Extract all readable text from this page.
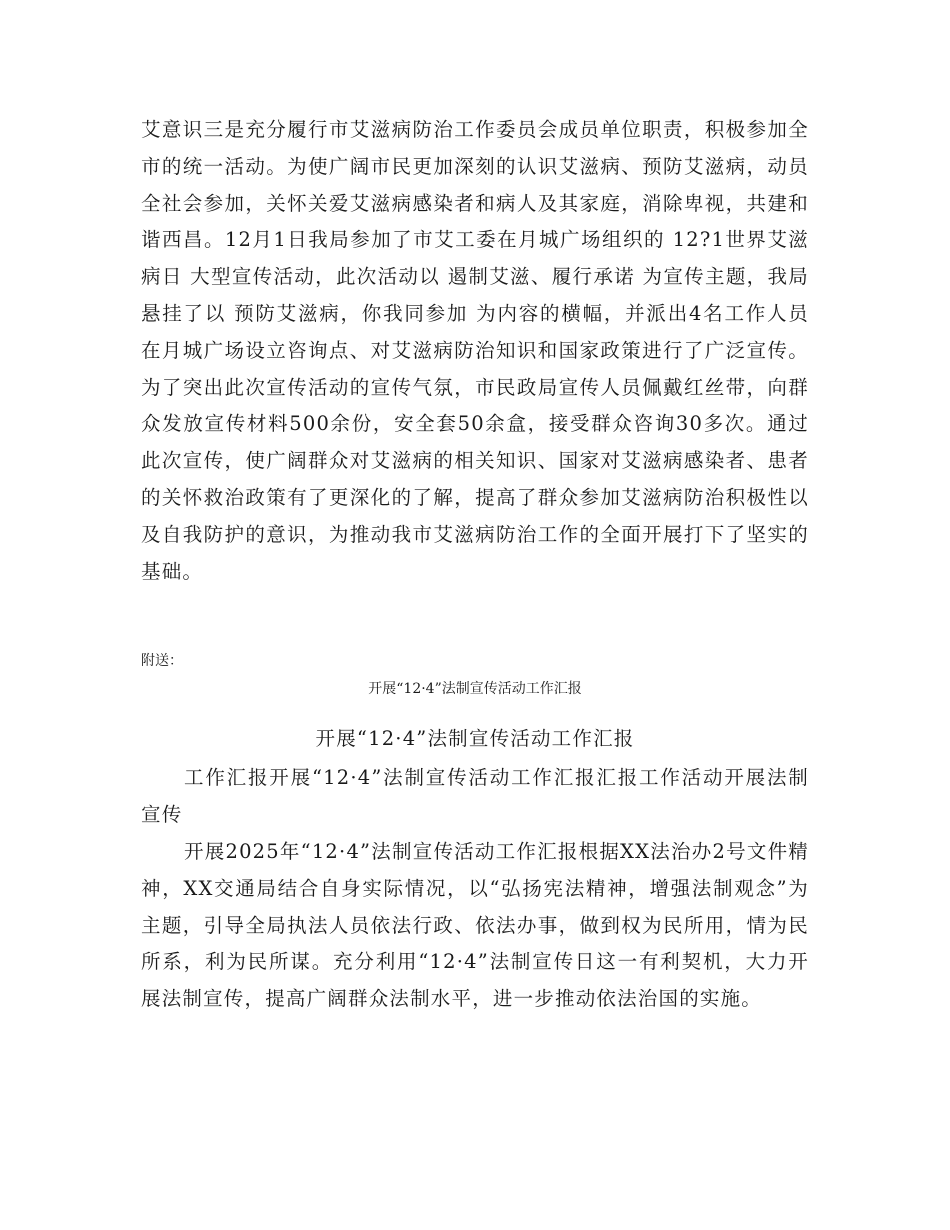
艾意识三是充分履行市艾滋病防治工作委员会成员单位职责，积极参加全市的统一活动。为使广阔市民更加深刻的认识艾滋病、预防艾滋病，动员全社会参加，关怀关爱艾滋病感染者和病人及其家庭，消除卑视，共建和谐西昌。12月1日我局参加了市艾工委在月城广场组织的 12?1世界艾滋病日 大型宣传活动，此次活动以 遏制艾滋、履行承诺 为宣传主题，我局悬挂了以 预防艾滋病，你我同参加 为内容的横幅，并派出4名工作人员在月城广场设立咨询点、对艾滋病防治知识和国家政策进行了广泛宣传。为了突出此次宣传活动的宣传气氛，市民政局宣传人员佩戴红丝带，向群众发放宣传材料500余份，安全套50余盒，接受群众咨询30多次。通过此次宣传，使广阔群众对艾滋病的相关知识、国家对艾滋病感染者、患者的关怀救治政策有了更深化的了解，提高了群众参加艾滋病防治积极性以及自我防护的意识，为推动我市艾滋病防治工作的全面开展打下了坚实的基础。

附送：

开展“12·4”法制宣传活动工作汇报

开展“12·4”法制宣传活动工作汇报

工作汇报开展“12·4”法制宣传活动工作汇报汇报工作活动开展法制宣传

开展2025年“12·4”法制宣传活动工作汇报根据XX法治办2号文件精神，XX交通局结合自身实际情况，以“弘扬宪法精神，增强法制观念”为主题，引导全局执法人员依法行政、依法办事，做到权为民所用，情为民所系，利为民所谋。充分利用“12·4”法制宣传日这一有利契机，大力开展法制宣传，提高广阔群众法制水平，进一步推动依法治国的实施。
